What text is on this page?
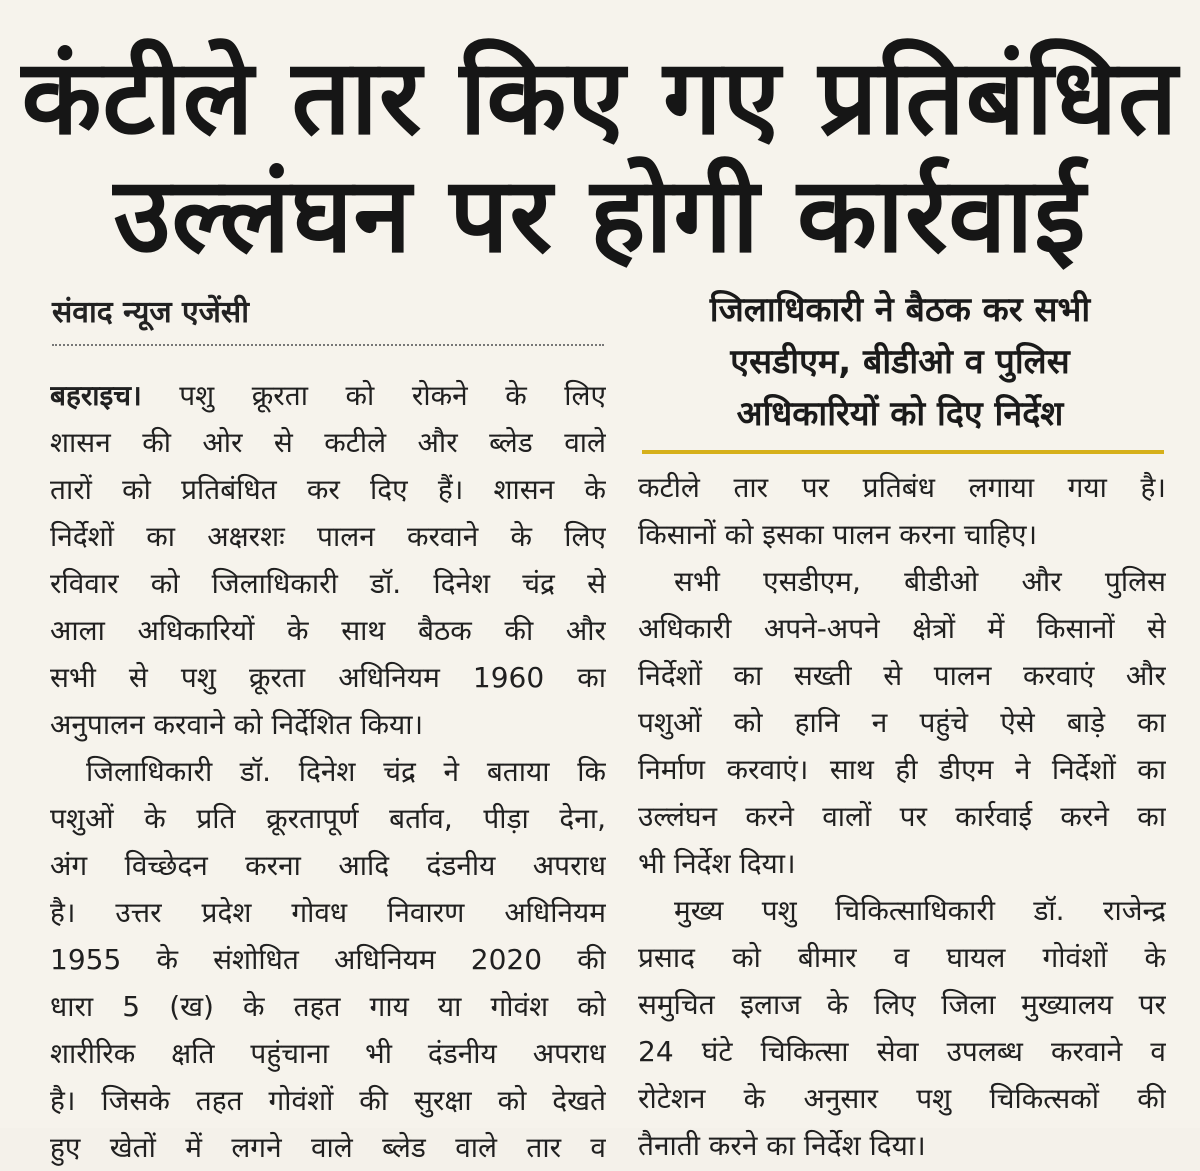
कंटीले तार किए गए प्रतिबंधित
उल्लंघन पर होगी कार्रवाई
संवाद न्यूज एजेंसी	जिलाधिकारी ने बैठक कर सभी
एसडीएम, बीडीओ व पुलिस
अधिकारियों को दिए निर्देश
बहराइच। पशु क्रूरता को रोकने के लिए
शासन की ओर से कटीले और ब्लेड वाले
तारों को प्रतिबंधित कर दिए हैं। शासन के
निर्देशों का अक्षरशः पालन करवाने के लिए
रविवार को जिलाधिकारी डॉ. दिनेश चंद्र से
आला अधिकारियों के साथ बैठक की और
सभी से पशु क्रूरता अधिनियम 1960 का
अनुपालन करवाने को निर्देशित किया।
जिलाधिकारी डॉ. दिनेश चंद्र ने बताया कि
पशुओं के प्रति क्रूरतापूर्ण बर्ताव, पीड़ा देना,
अंग विच्छेदन करना आदि दंडनीय अपराध
है। उत्तर प्रदेश गोवध निवारण अधिनियम
1955 के संशोधित अधिनियम 2020 की
धारा 5 (ख) के तहत गाय या गोवंश को
शारीरिक क्षति पहुंचाना भी दंडनीय अपराध
है। जिसके तहत गोवंशों की सुरक्षा को देखते
हुए खेतों में लगने वाले ब्लेड वाले तार व
कटीले तार पर प्रतिबंध लगाया गया है।
किसानों को इसका पालन करना चाहिए।
सभी एसडीएम, बीडीओ और पुलिस
अधिकारी अपने-अपने क्षेत्रों में किसानों से
निर्देशों का सख्ती से पालन करवाएं और
पशुओं को हानि न पहुंचे ऐसे बाड़े का
निर्माण करवाएं। साथ ही डीएम ने निर्देशों का
उल्लंघन करने वालों पर कार्रवाई करने का
भी निर्देश दिया।
मुख्य पशु चिकित्साधिकारी डॉ. राजेन्द्र
प्रसाद को बीमार व घायल गोवंशों के
समुचित इलाज के लिए जिला मुख्यालय पर
24 घंटे चिकित्सा सेवा उपलब्ध करवाने व
रोटेशन के अनुसार पशु चिकित्सकों की
तैनाती करने का निर्देश दिया।
